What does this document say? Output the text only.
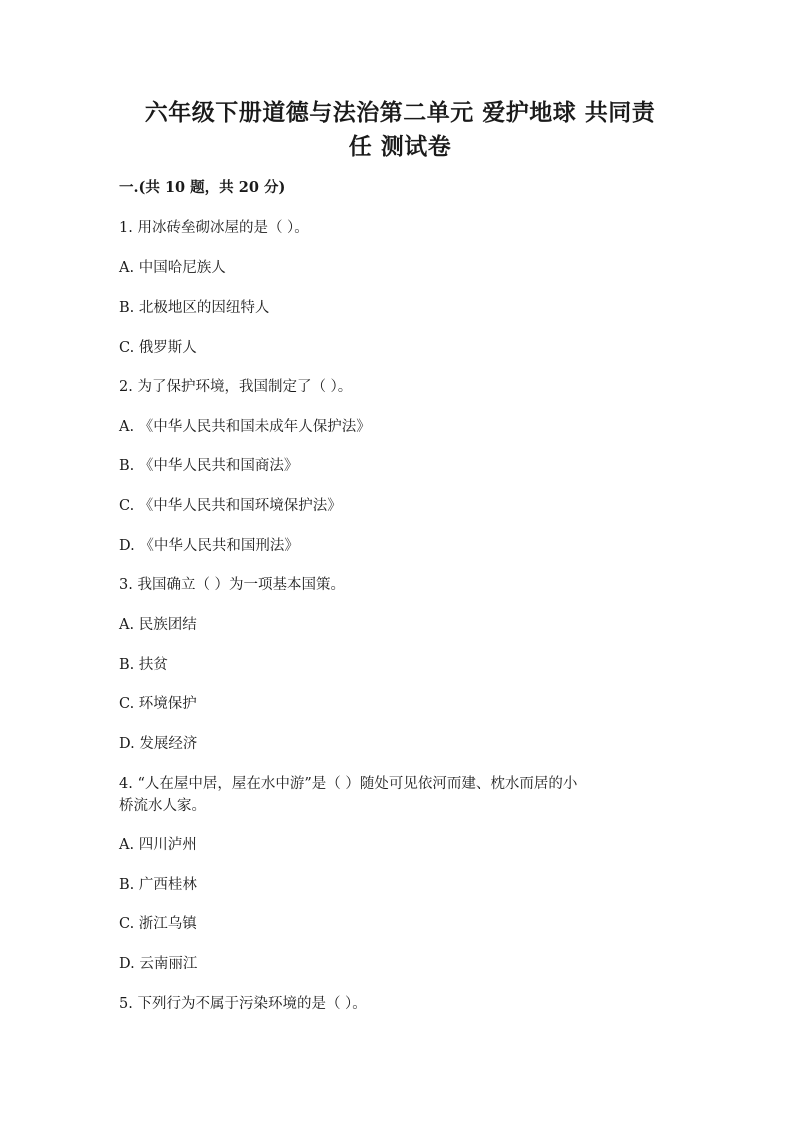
六年级下册道德与法治第二单元 爱护地球 共同责
任 测试卷
一.(共 10 题，共 20 分)
1. 用冰砖垒砌冰屋的是（ ）。
A. 中国哈尼族人
B. 北极地区的因纽特人
C. 俄罗斯人
2. 为了保护环境，我国制定了（ ）。
A. 《中华人民共和国未成年人保护法》
B. 《中华人民共和国商法》
C. 《中华人民共和国环境保护法》
D. 《中华人民共和国刑法》
3. 我国确立（ ）为一项基本国策。
A. 民族团结
B. 扶贫
C. 环境保护
D. 发展经济
4. “人在屋中居，屋在水中游”是（ ）随处可见依河而建、枕水而居的小
桥流水人家。
A. 四川泸州
B. 广西桂林
C. 浙江乌镇
D. 云南丽江
5. 下列行为不属于污染环境的是（ ）。
